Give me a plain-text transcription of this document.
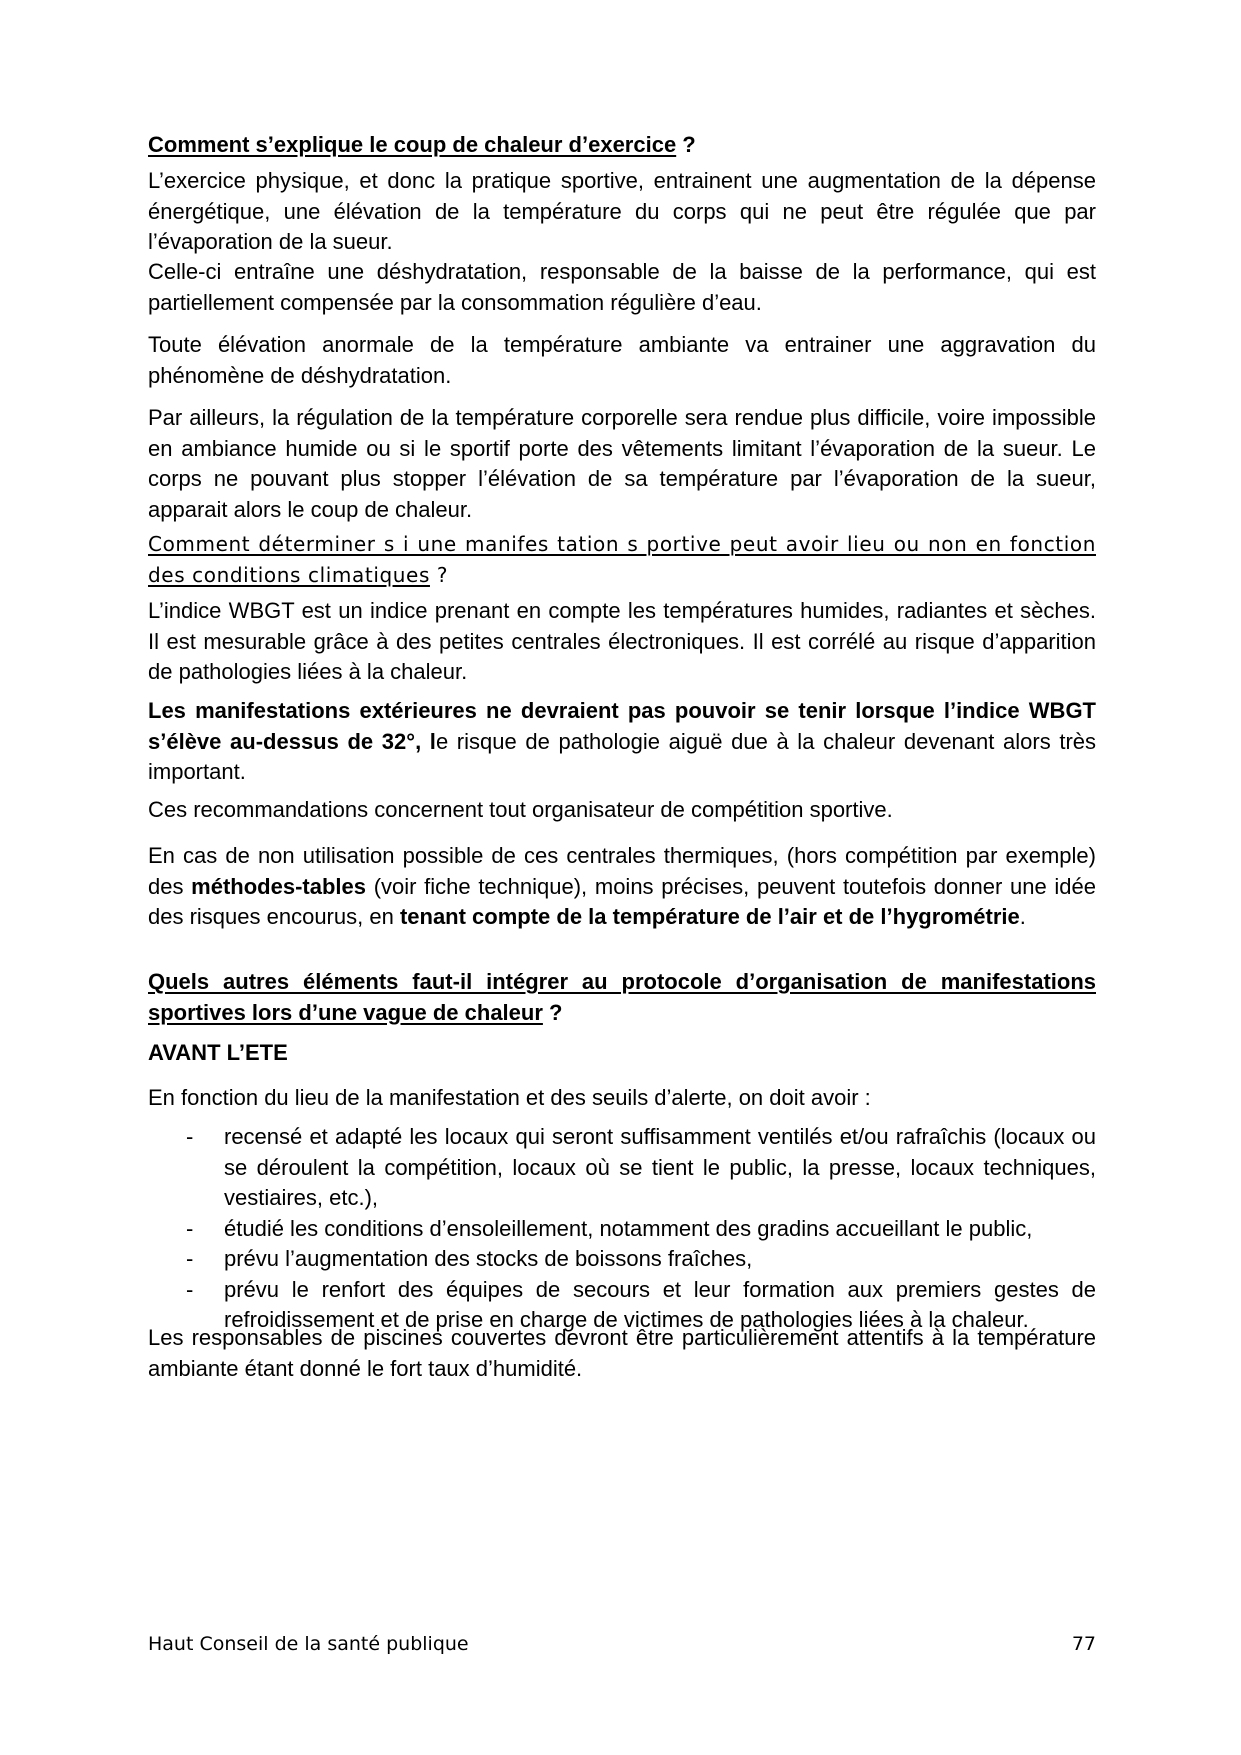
Comment s’explique le coup de chaleur d’exercice ?

L’exercice physique, et donc la pratique sportive, entrainent une augmentation de la dépense énergétique, une élévation de la température du corps qui ne peut être régulée que par l’évaporation de la sueur.

Celle-ci entraîne une déshydratation, responsable de la baisse de la performance, qui est partiellement compensée par la consommation régulière d’eau.

Toute élévation anormale de la température ambiante va entrainer une aggravation du phénomène de déshydratation.

Par ailleurs, la régulation de la température corporelle sera rendue plus difficile, voire impossible en ambiance humide ou si le sportif porte des vêtements limitant l’évaporation de la sueur. Le corps ne pouvant plus stopper l’élévation de sa température par l’évaporation de la sueur, apparait alors le coup de chaleur.

Comment déterminer s i une manifes tation s portive peut avoir lieu ou non en fonction des conditions climatiques ?

L’indice WBGT est un indice prenant en compte les températures humides, radiantes et sèches. Il est mesurable grâce à des petites centrales électroniques. Il est corrélé au risque d’apparition de pathologies liées à la chaleur.

Les manifestations extérieures ne devraient pas pouvoir se tenir lorsque l’indice WBGT s’élève au-dessus de 32°, le risque de pathologie aiguë due à la chaleur devenant alors très important.

Ces recommandations concernent tout organisateur de compétition sportive.

En cas de non utilisation possible de ces centrales thermiques, (hors compétition par exemple) des méthodes-tables (voir fiche technique), moins précises, peuvent toutefois donner une idée des risques encourus, en tenant compte de la température de l’air et de l’hygrométrie.

Quels autres éléments faut-il intégrer au protocole d’organisation de manifestations sportives lors d’une vague de chaleur ?

AVANT L’ETE

En fonction du lieu de la manifestation et des seuils d’alerte, on doit avoir :

- recensé et adapté les locaux qui seront suffisamment ventilés et/ou rafraîchis (locaux ou se déroulent la compétition, locaux où se tient le public, la presse, locaux techniques, vestiaires, etc.),
- étudié les conditions d’ensoleillement, notamment des gradins accueillant le public,
- prévu l’augmentation des stocks de boissons fraîches,
- prévu le renfort des équipes de secours et leur formation aux premiers gestes de refroidissement et de prise en charge de victimes de pathologies liées à la chaleur.

Les responsables de piscines couvertes devront être particulièrement attentifs à la température ambiante étant donné le fort taux d’humidité.

Haut Conseil de la santé publique	77
